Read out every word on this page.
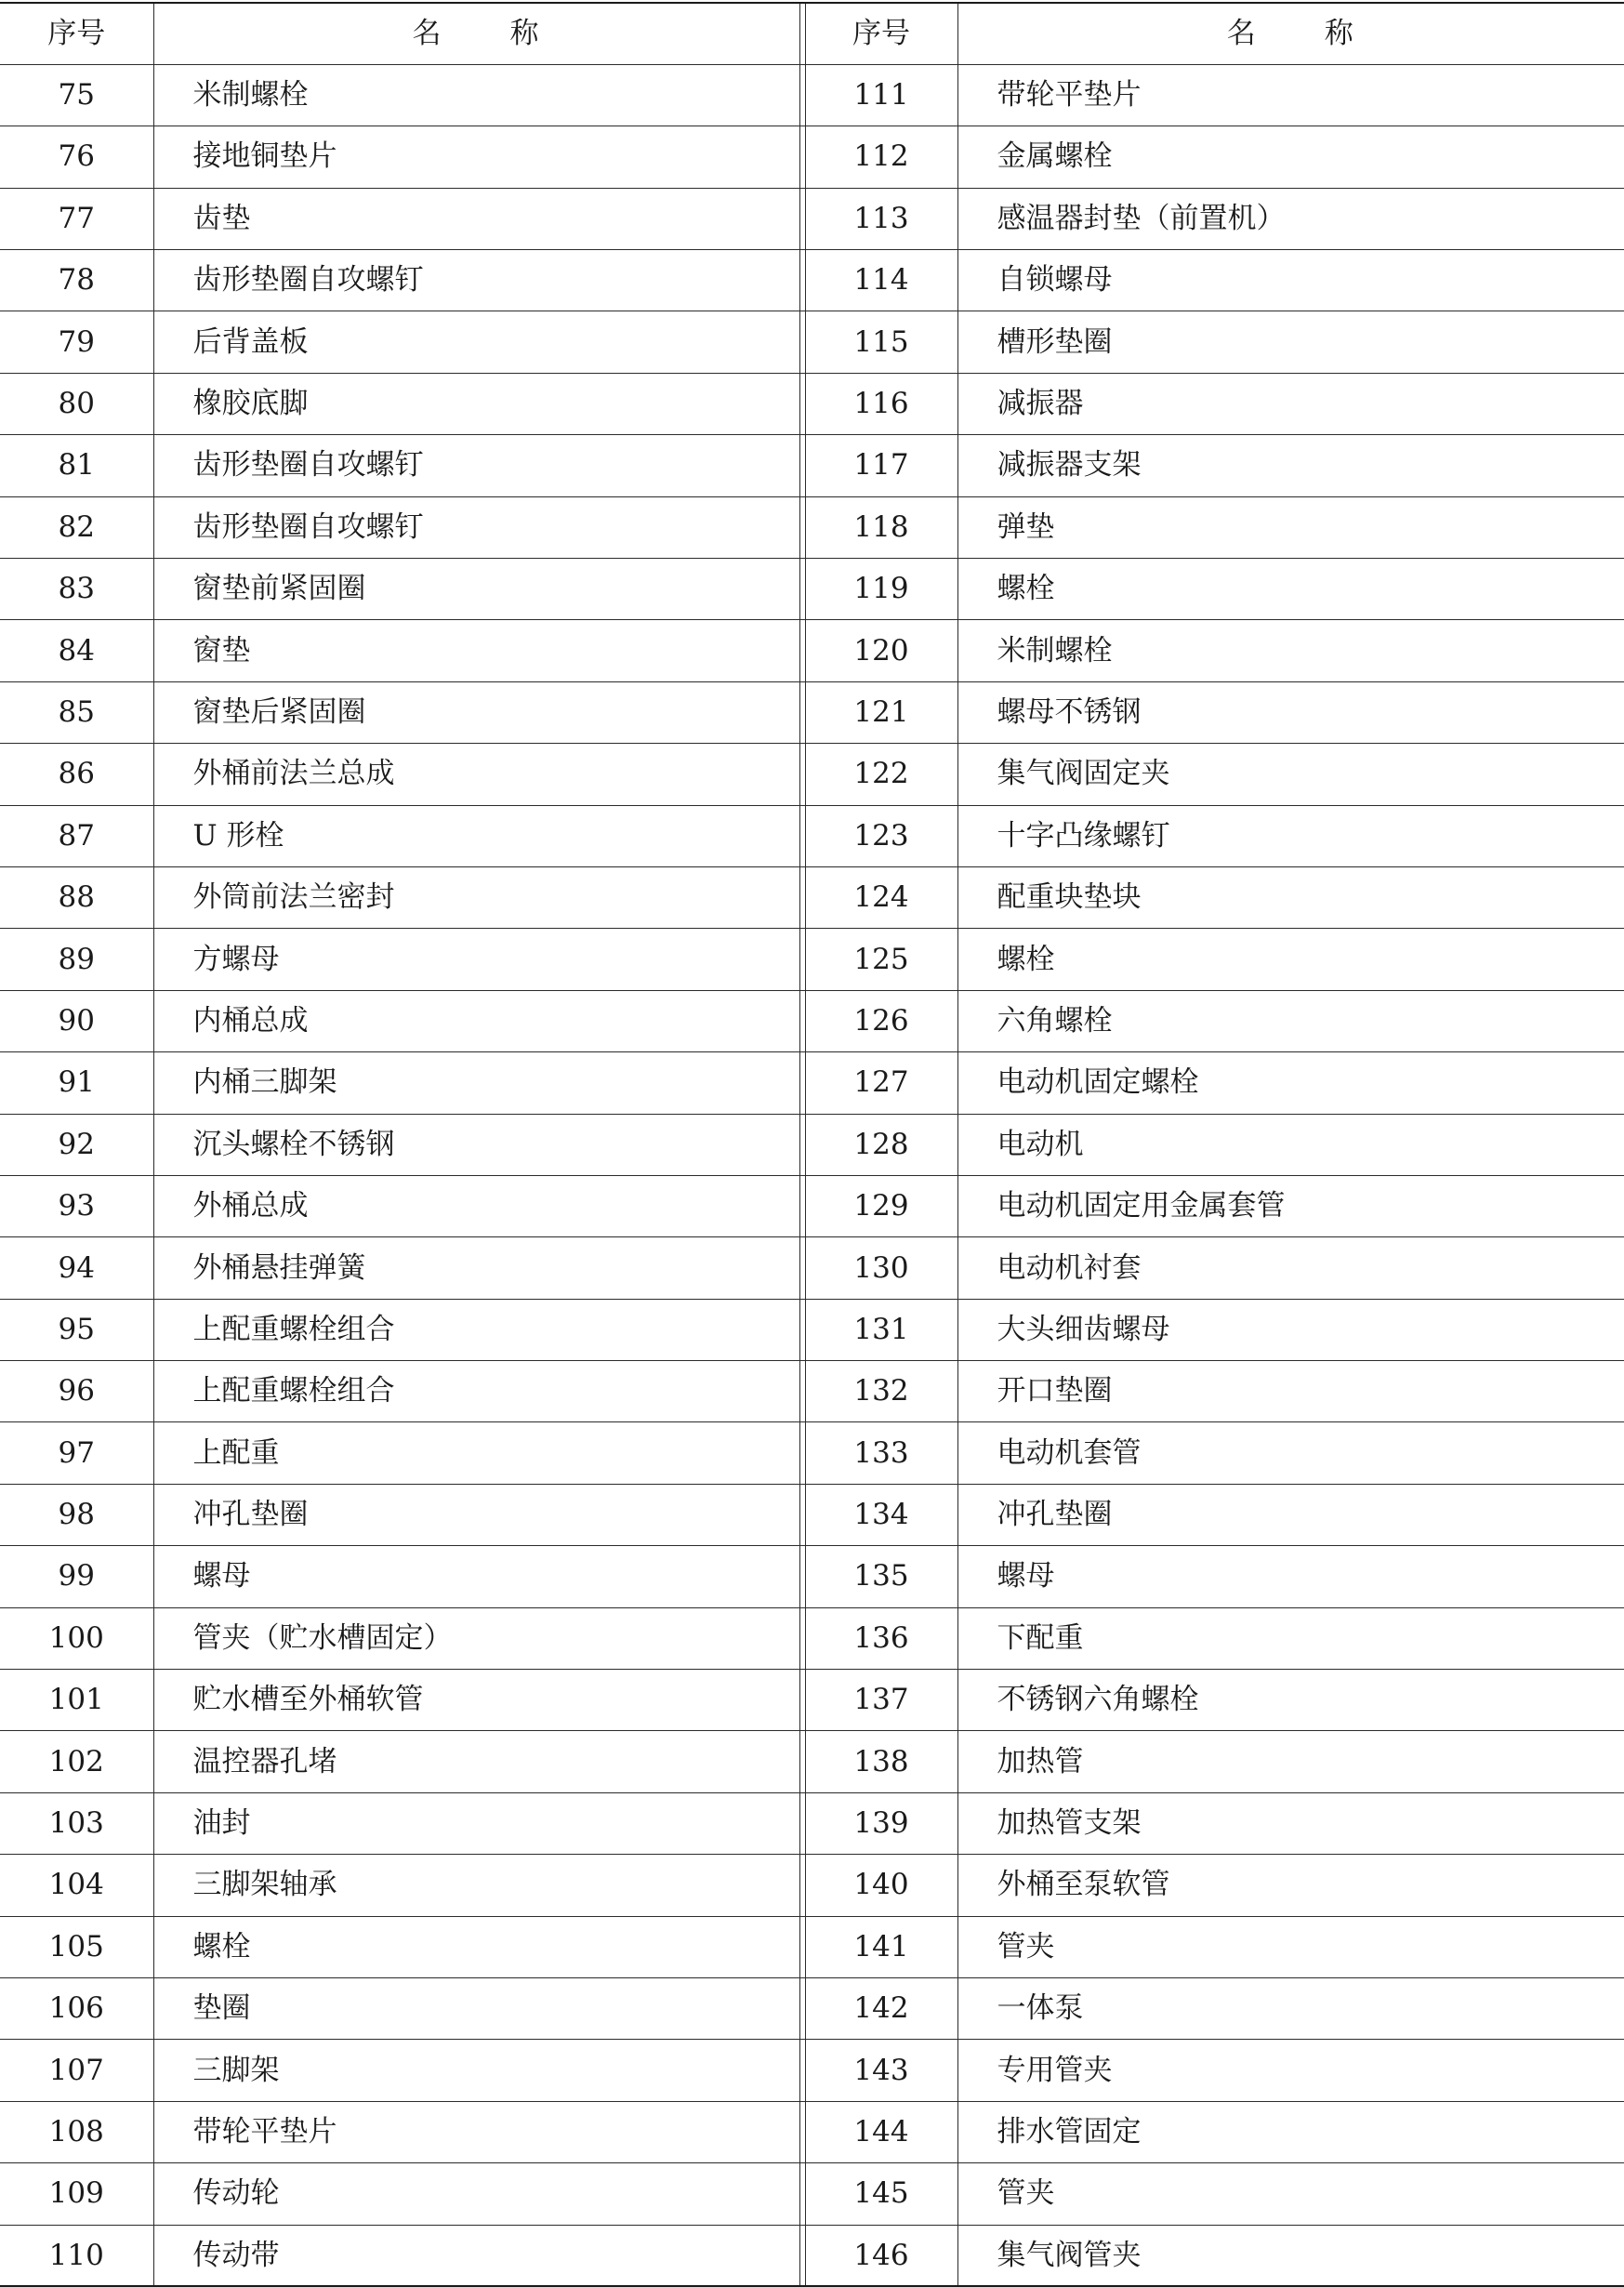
序号	名 称		序号	名 称
75	米制螺栓		111	带轮平垫片
76	接地铜垫片		112	金属螺栓
77	齿垫		113	感温器封垫（前置机）
78	齿形垫圈自攻螺钉		114	自锁螺母
79	后背盖板		115	槽形垫圈
80	橡胶底脚		116	减振器
81	齿形垫圈自攻螺钉		117	减振器支架
82	齿形垫圈自攻螺钉		118	弹垫
83	窗垫前紧固圈		119	螺栓
84	窗垫		120	米制螺栓
85	窗垫后紧固圈		121	螺母不锈钢
86	外桶前法兰总成		122	集气阀固定夹
87	U 形栓		123	十字凸缘螺钉
88	外筒前法兰密封		124	配重块垫块
89	方螺母		125	螺栓
90	内桶总成		126	六角螺栓
91	内桶三脚架		127	电动机固定螺栓
92	沉头螺栓不锈钢		128	电动机
93	外桶总成		129	电动机固定用金属套管
94	外桶悬挂弹簧		130	电动机衬套
95	上配重螺栓组合		131	大头细齿螺母
96	上配重螺栓组合		132	开口垫圈
97	上配重		133	电动机套管
98	冲孔垫圈		134	冲孔垫圈
99	螺母		135	螺母
100	管夹（贮水槽固定）		136	下配重
101	贮水槽至外桶软管		137	不锈钢六角螺栓
102	温控器孔堵		138	加热管
103	油封		139	加热管支架
104	三脚架轴承		140	外桶至泵软管
105	螺栓		141	管夹
106	垫圈		142	一体泵
107	三脚架		143	专用管夹
108	带轮平垫片		144	排水管固定
109	传动轮		145	管夹
110	传动带		146	集气阀管夹
